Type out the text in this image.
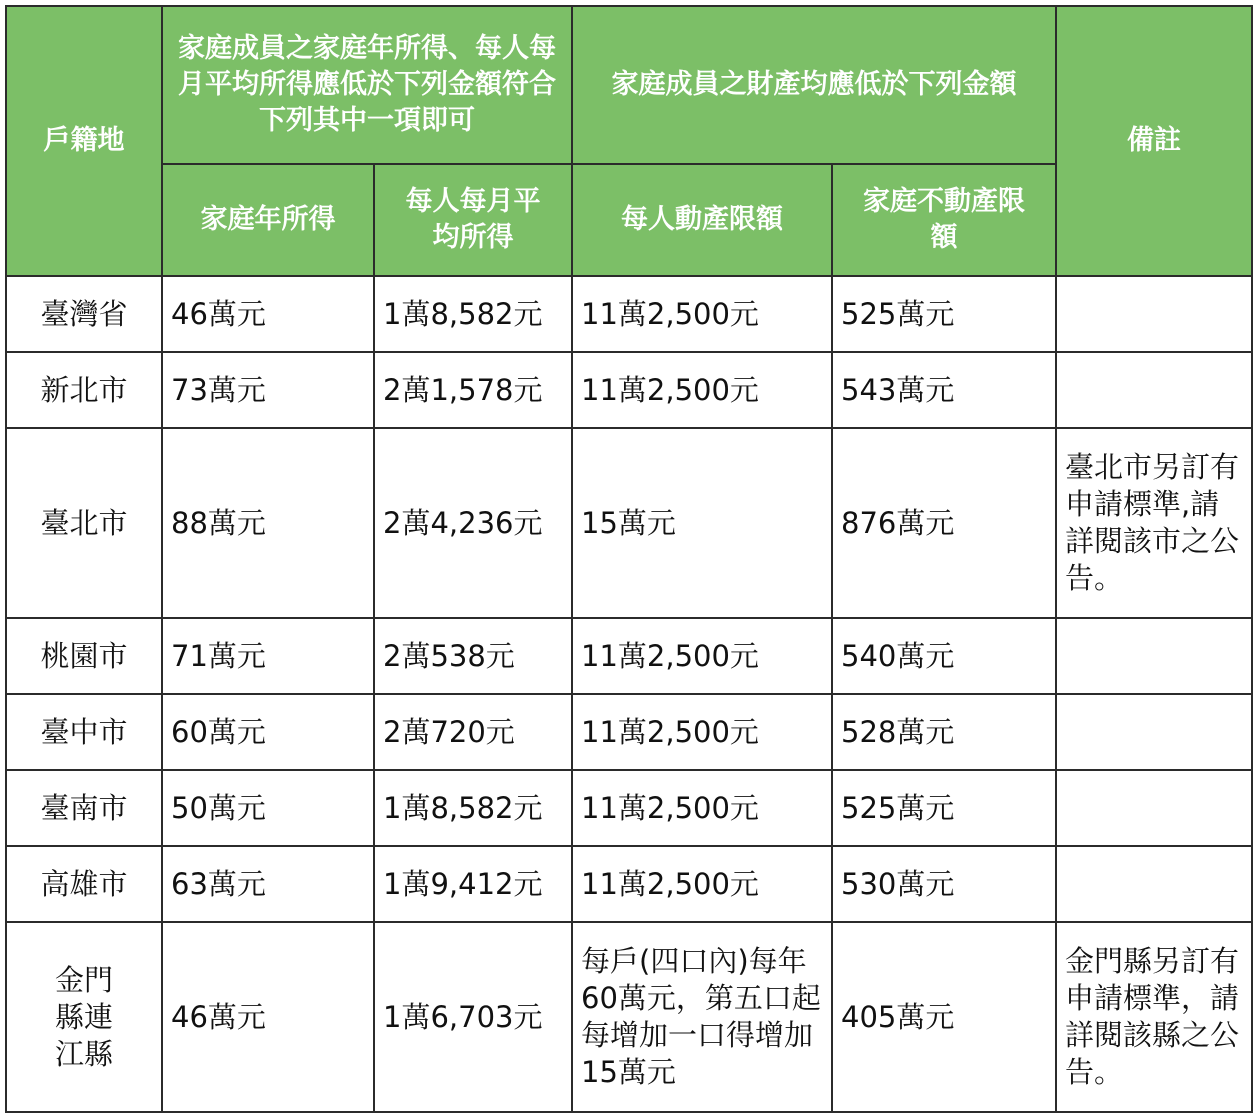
戶籍地	家庭成員之家庭年所得、每人每月平均所得應低於下列金額符合下列其中一項即可		家庭成員之財產均應低於下列金額		備註
	家庭年所得	每人每月平均所得	每人動產限額	家庭不動產限額	
臺灣省	46萬元	1萬8,582元	11萬2,500元	525萬元	
新北市	73萬元	2萬1,578元	11萬2,500元	543萬元	
臺北市	88萬元	2萬4,236元	15萬元	876萬元	臺北市另訂有申請標準,請詳閱該市之公告。
桃園市	71萬元	2萬538元	11萬2,500元	540萬元	
臺中市	60萬元	2萬720元	11萬2,500元	528萬元	
臺南市	50萬元	1萬8,582元	11萬2,500元	525萬元	
高雄市	63萬元	1萬9,412元	11萬2,500元	530萬元	
金門縣連江縣	46萬元	1萬6,703元	每戶(四口內)每年60萬元，第五口起每增加一口得增加15萬元	405萬元	金門縣另訂有申請標準，請詳閱該縣之公告。
